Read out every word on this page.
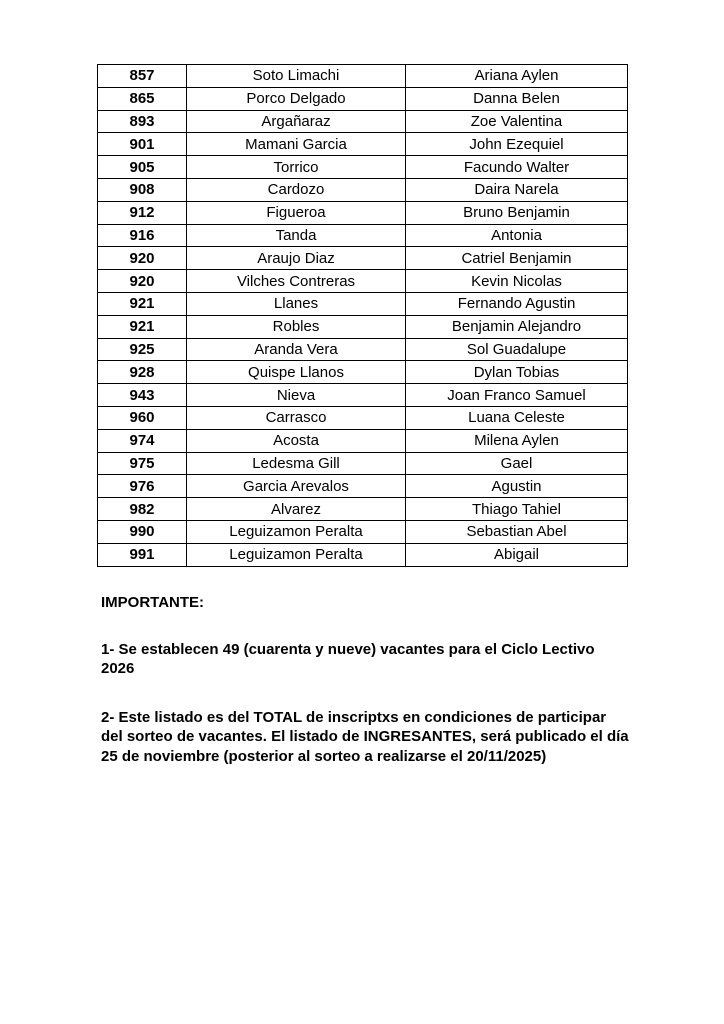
857	Soto Limachi	Ariana Aylen
865	Porco Delgado	Danna Belen
893	Argañaraz	Zoe Valentina
901	Mamani Garcia	John Ezequiel
905	Torrico	Facundo Walter
908	Cardozo	Daira Narela
912	Figueroa	Bruno Benjamin
916	Tanda	Antonia
920	Araujo Diaz	Catriel Benjamin
920	Vilches Contreras	Kevin Nicolas
921	Llanes	Fernando Agustin
921	Robles	Benjamin Alejandro
925	Aranda Vera	Sol Guadalupe
928	Quispe Llanos	Dylan Tobias
943	Nieva	Joan Franco Samuel
960	Carrasco	Luana Celeste
974	Acosta	Milena Aylen
975	Ledesma Gill	Gael
976	Garcia Arevalos	Agustin
982	Alvarez	Thiago Tahiel
990	Leguizamon Peralta	Sebastian Abel
991	Leguizamon Peralta	Abigail

IMPORTANTE:

1- Se establecen 49 (cuarenta y nueve) vacantes para el Ciclo Lectivo 2026

2- Este listado es del TOTAL de inscriptxs en condiciones de participar del sorteo de vacantes. El listado de INGRESANTES, será publicado el día 25 de noviembre (posterior al sorteo a realizarse el 20/11/2025)
